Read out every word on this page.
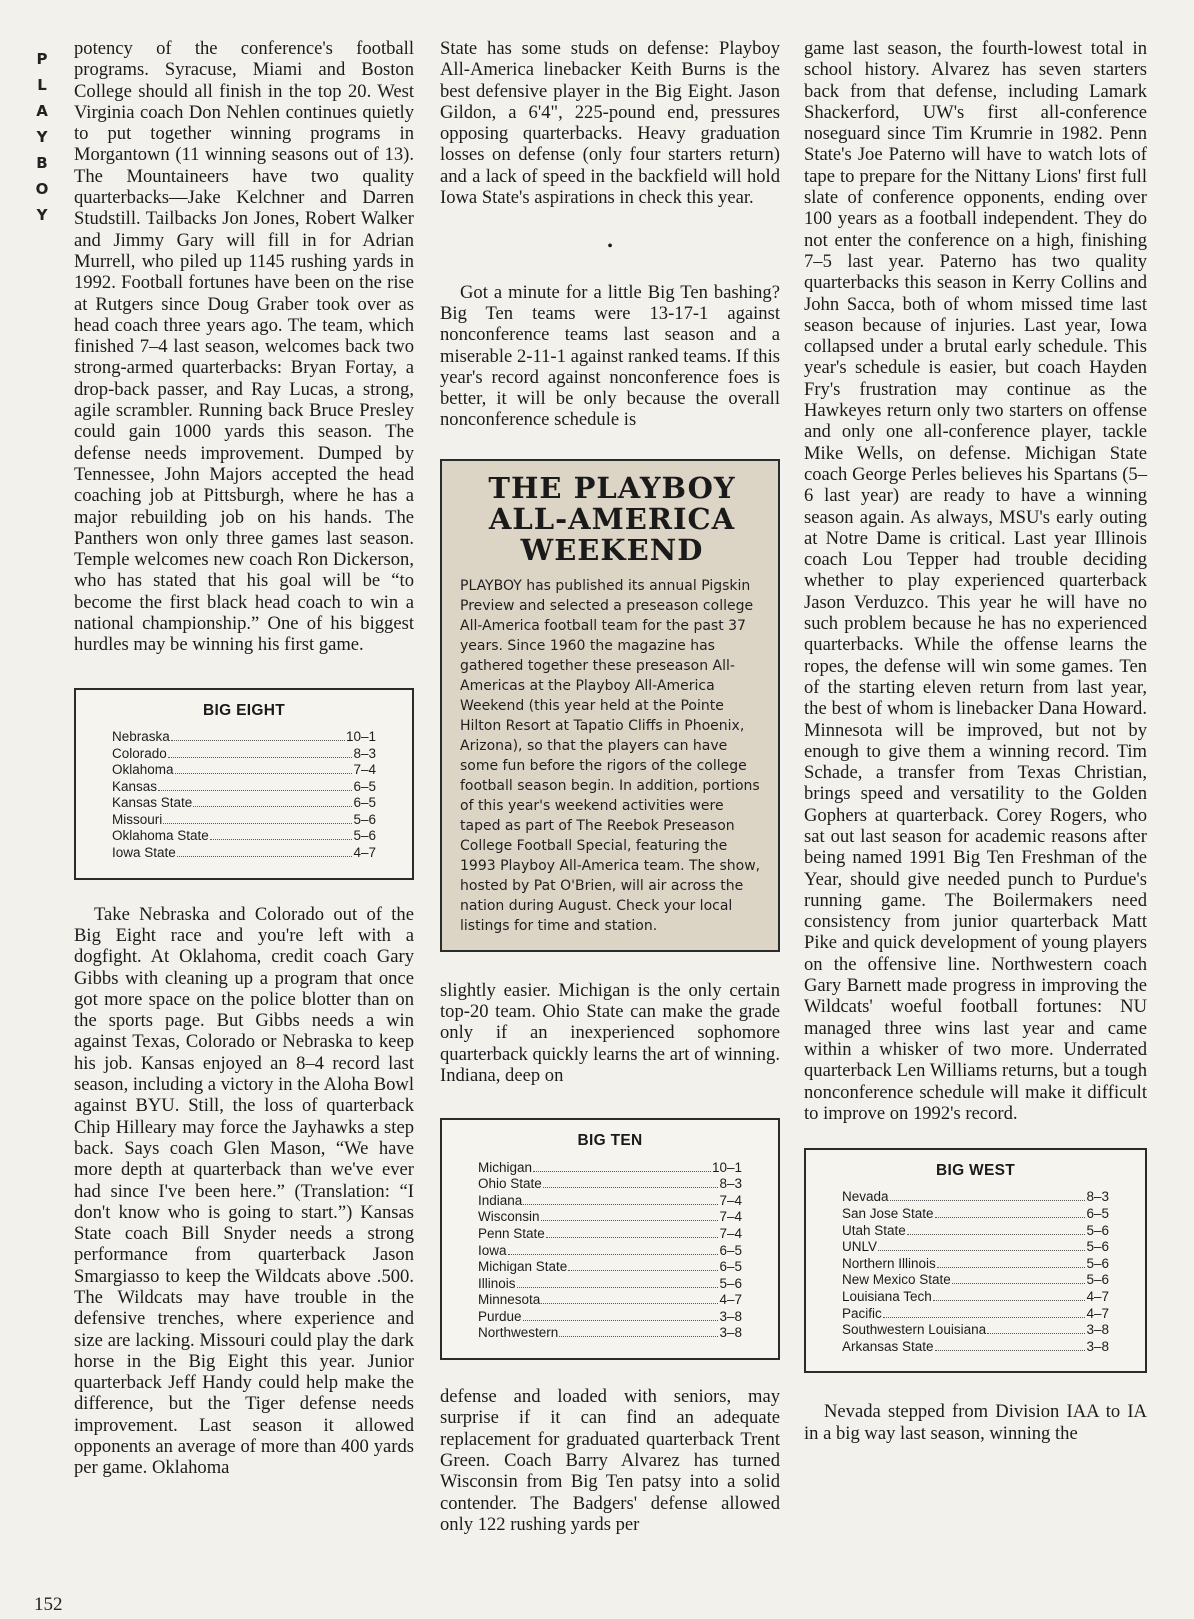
P
L
A
Y
B
O
Y

potency of the conference's football programs. Syracuse, Miami and Boston College should all finish in the top 20. West Virginia coach Don Nehlen continues quietly to put together winning programs in Morgantown (11 winning seasons out of 13). The Mountaineers have two quality quarterbacks—Jake Kelchner and Darren Studstill. Tailbacks Jon Jones, Robert Walker and Jimmy Gary will fill in for Adrian Murrell, who piled up 1145 rushing yards in 1992. Football fortunes have been on the rise at Rutgers since Doug Graber took over as head coach three years ago. The team, which finished 7–4 last season, welcomes back two strong-armed quarterbacks: Bryan Fortay, a drop-back passer, and Ray Lucas, a strong, agile scrambler. Running back Bruce Presley could gain 1000 yards this season. The defense needs improvement. Dumped by Tennessee, John Majors accepted the head coaching job at Pittsburgh, where he has a major rebuilding job on his hands. The Panthers won only three games last season. Temple welcomes new coach Ron Dickerson, who has stated that his goal will be “to become the first black head coach to win a national championship.” One of his biggest hurdles may be winning his first game.

BIG EIGHT
Nebraska	10–1
Colorado	8–3
Oklahoma	7–4
Kansas	6–5
Kansas State	6–5
Missouri	5–6
Oklahoma State	5–6
Iowa State	4–7

Take Nebraska and Colorado out of the Big Eight race and you're left with a dogfight. At Oklahoma, credit coach Gary Gibbs with cleaning up a program that once got more space on the police blotter than on the sports page. But Gibbs needs a win against Texas, Colorado or Nebraska to keep his job. Kansas enjoyed an 8–4 record last season, including a victory in the Aloha Bowl against BYU. Still, the loss of quarterback Chip Hilleary may force the Jayhawks a step back. Says coach Glen Mason, “We have more depth at quarterback than we've ever had since I've been here.” (Translation: “I don't know who is going to start.”) Kansas State coach Bill Snyder needs a strong performance from quarterback Jason Smargiasso to keep the Wildcats above .500. The Wildcats may have trouble in the defensive trenches, where experience and size are lacking. Missouri could play the dark horse in the Big Eight this year. Junior quarterback Jeff Handy could help make the difference, but the Tiger defense needs improvement. Last season it allowed opponents an average of more than 400 yards per game. Oklahoma

State has some studs on defense: Playboy All-America linebacker Keith Burns is the best defensive player in the Big Eight. Jason Gildon, a 6'4", 225-pound end, pressures opposing quarterbacks. Heavy graduation losses on defense (only four starters return) and a lack of speed in the backfield will hold Iowa State's aspirations in check this year.

•

Got a minute for a little Big Ten bashing? Big Ten teams were 13-17-1 against nonconference teams last season and a miserable 2-11-1 against ranked teams. If this year's record against nonconference foes is better, it will be only because the overall nonconference schedule is

THE PLAYBOY ALL-AMERICA WEEKEND
PLAYBOY has published its annual Pigskin Preview and selected a preseason college All-America football team for the past 37 years. Since 1960 the magazine has gathered together these preseason All-Americas at the Playboy All-America Weekend (this year held at the Pointe Hilton Resort at Tapatio Cliffs in Phoenix, Arizona), so that the players can have some fun before the rigors of the college football season begin. In addition, portions of this year's weekend activities were taped as part of The Reebok Preseason College Football Special, featuring the 1993 Playboy All-America team. The show, hosted by Pat O'Brien, will air across the nation during August. Check your local listings for time and station.

slightly easier. Michigan is the only certain top-20 team. Ohio State can make the grade only if an inexperienced sophomore quarterback quickly learns the art of winning. Indiana, deep on

BIG TEN
Michigan	10–1
Ohio State	8–3
Indiana	7–4
Wisconsin	7–4
Penn State	7–4
Iowa	6–5
Michigan State	6–5
Illinois	5–6
Minnesota	4–7
Purdue	3–8
Northwestern	3–8

defense and loaded with seniors, may surprise if it can find an adequate replacement for graduated quarterback Trent Green. Coach Barry Alvarez has turned Wisconsin from Big Ten patsy into a solid contender. The Badgers' defense allowed only 122 rushing yards per

game last season, the fourth-lowest total in school history. Alvarez has seven starters back from that defense, including Lamark Shackerford, UW's first all-conference noseguard since Tim Krumrie in 1982. Penn State's Joe Paterno will have to watch lots of tape to prepare for the Nittany Lions' first full slate of conference opponents, ending over 100 years as a football independent. They do not enter the conference on a high, finishing 7–5 last year. Paterno has two quality quarterbacks this season in Kerry Collins and John Sacca, both of whom missed time last season because of injuries. Last year, Iowa collapsed under a brutal early schedule. This year's schedule is easier, but coach Hayden Fry's frustration may continue as the Hawkeyes return only two starters on offense and only one all-conference player, tackle Mike Wells, on defense. Michigan State coach George Perles believes his Spartans (5–6 last year) are ready to have a winning season again. As always, MSU's early outing at Notre Dame is critical. Last year Illinois coach Lou Tepper had trouble deciding whether to play experienced quarterback Jason Verduzco. This year he will have no such problem because he has no experienced quarterbacks. While the offense learns the ropes, the defense will win some games. Ten of the starting eleven return from last year, the best of whom is linebacker Dana Howard. Minnesota will be improved, but not by enough to give them a winning record. Tim Schade, a transfer from Texas Christian, brings speed and versatility to the Golden Gophers at quarterback. Corey Rogers, who sat out last season for academic reasons after being named 1991 Big Ten Freshman of the Year, should give needed punch to Purdue's running game. The Boilermakers need consistency from junior quarterback Matt Pike and quick development of young players on the offensive line. Northwestern coach Gary Barnett made progress in improving the Wildcats' woeful football fortunes: NU managed three wins last year and came within a whisker of two more. Underrated quarterback Len Williams returns, but a tough nonconference schedule will make it difficult to improve on 1992's record.

BIG WEST
Nevada	8–3
San Jose State	6–5
Utah State	5–6
UNLV	5–6
Northern Illinois	5–6
New Mexico State	5–6
Louisiana Tech	4–7
Pacific	4–7
Southwestern Louisiana	3–8
Arkansas State	3–8

Nevada stepped from Division IAA to IA in a big way last season, winning the

152
